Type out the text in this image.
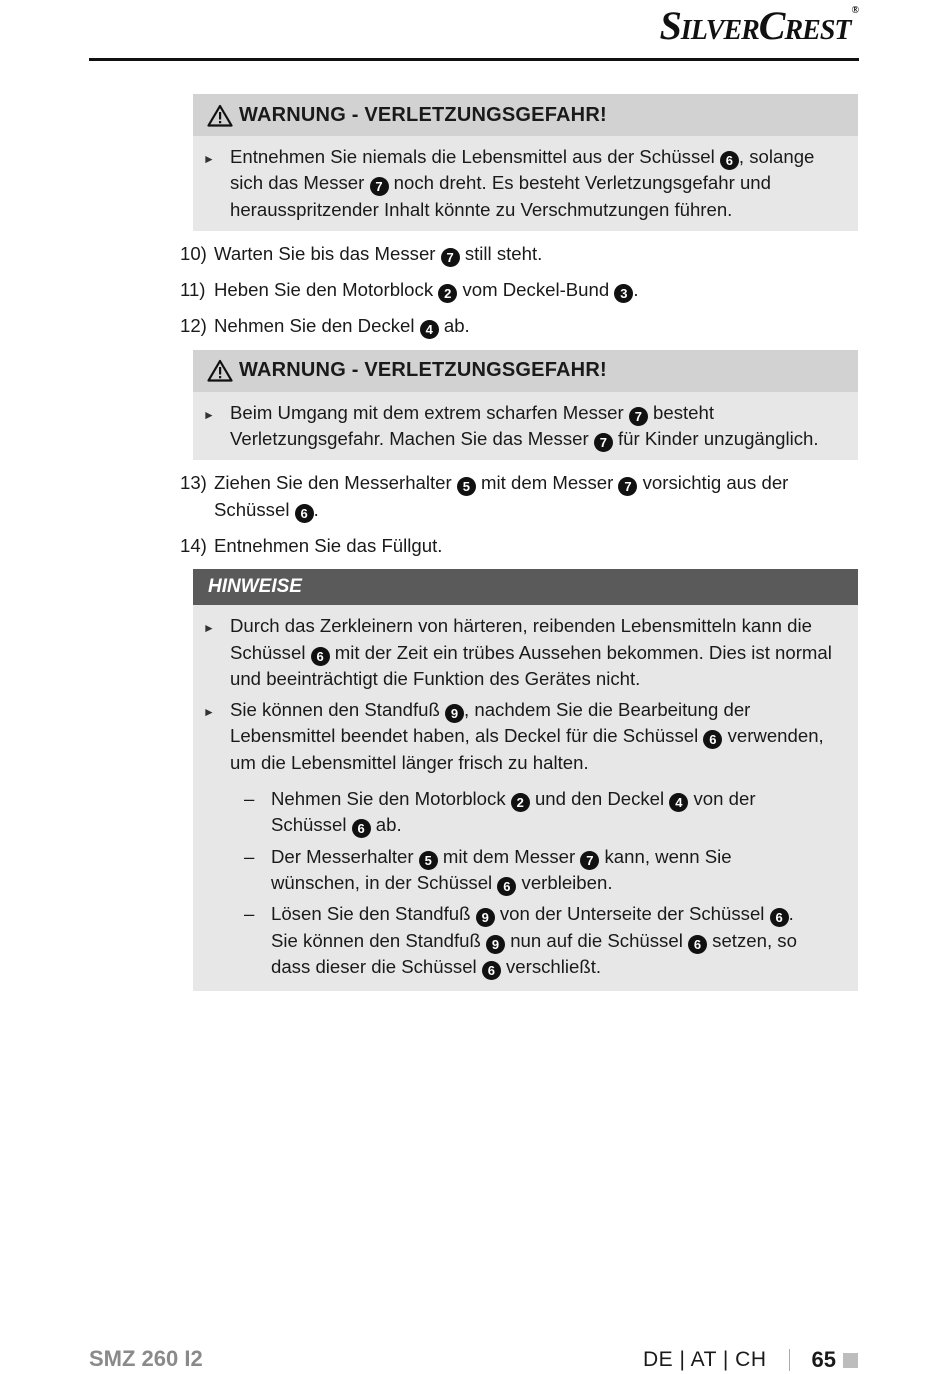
SilverCrest®
WARNUNG - VERLETZUNGSGEFAHR!
► Entnehmen Sie niemals die Lebensmittel aus der Schüssel 6 , solange sich das Messer 7 noch dreht. Es besteht Verletzungsgefahr und herausspritzender Inhalt könnte zu Verschmutzungen führen.
10) Warten Sie bis das Messer 7 still steht.
11) Heben Sie den Motorblock 2 vom Deckel-Bund 3 .
12) Nehmen Sie den Deckel 4 ab.
WARNUNG - VERLETZUNGSGEFAHR!
► Beim Umgang mit dem extrem scharfen Messer 7 besteht Verletzungsgefahr. Machen Sie das Messer 7 für Kinder unzugänglich.
13) Ziehen Sie den Messerhalter 5 mit dem Messer 7 vorsichtig aus der Schüssel 6 .
14) Entnehmen Sie das Füllgut.
HINWEISE
► Durch das Zerkleinern von härteren, reibenden Lebensmitteln kann die Schüssel 6 mit der Zeit ein trübes Aussehen bekommen. Dies ist normal und beeinträchtigt die Funktion des Gerätes nicht.
► Sie können den Standfuß 9 , nachdem Sie die Bearbeitung der Lebensmittel beendet haben, als Deckel für die Schüssel 6 verwenden, um die Lebensmittel länger frisch zu halten.
– Nehmen Sie den Motorblock 2 und den Deckel 4 von der Schüssel 6 ab.
– Der Messerhalter 5 mit dem Messer 7 kann, wenn Sie wünschen, in der Schüssel 6 verbleiben.
– Lösen Sie den Standfuß 9 von der Unterseite der Schüssel 6 . Sie können den Standfuß 9 nun auf die Schüssel 6 setzen, so dass dieser die Schüssel 6 verschließt.
SMZ 260 I2	DE | AT | CH 65
